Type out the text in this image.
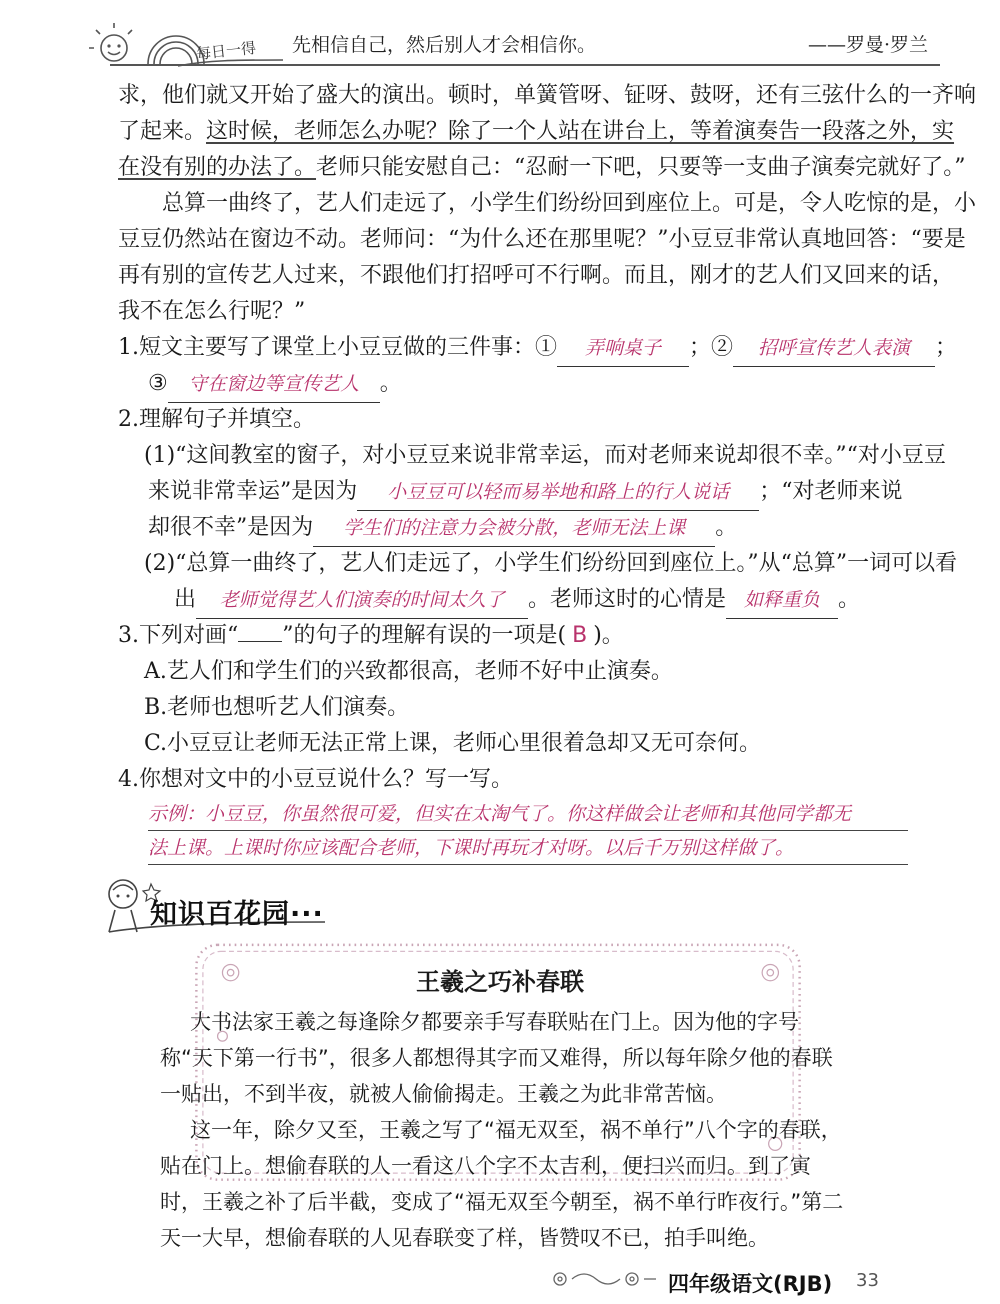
每日一得 先相信自己，然后别人才会相信你。	——罗曼·罗兰
求，他们就又开始了盛大的演出。顿时，单簧管呀、钲呀、鼓呀，还有三弦什么的一齐响
了起来。这时候，老师怎么办呢？除了一个人站在讲台上，等着演奏告一段落之外，实
在没有别的办法了。老师只能安慰自己：“忍耐一下吧，只要等一支曲子演奏完就好了。”
总算一曲终了，艺人们走远了，小学生们纷纷回到座位上。可是，令人吃惊的是，小
豆豆仍然站在窗边不动。老师问：“为什么还在那里呢？”小豆豆非常认真地回答：“要是
再有别的宣传艺人过来，不跟他们打招呼可不行啊。而且，刚才的艺人们又回来的话，
我不在怎么行呢？”
1.短文主要写了课堂上小豆豆做的三件事：① 弄响桌子 ；② 招呼宣传艺人表演 ；
③ 守在窗边等宣传艺人 。
2.理解句子并填空。
(1)“这间教室的窗子，对小豆豆来说非常幸运，而对老师来说却很不幸。”“对小豆豆
来说非常幸运”是因为 小豆豆可以轻而易举地和路上的行人说话 ；“对老师来说
却很不幸”是因为 学生们的注意力会被分散，老师无法上课 。
(2)“总算一曲终了，艺人们走远了，小学生们纷纷回到座位上。”从“总算”一词可以看
出 老师觉得艺人们演奏的时间太久了 。老师这时的心情是 如释重负 。
3.下列对画“ ”的句子的理解有误的一项是( B )。
A.艺人们和学生们的兴致都很高，老师不好中止演奏。
B.老师也想听艺人们演奏。
C.小豆豆让老师无法正常上课，老师心里很着急却又无可奈何。
4.你想对文中的小豆豆说什么？写一写。
示例：小豆豆，你虽然很可爱，但实在太淘气了。你这样做会让老师和其他同学都无
法上课。上课时你应该配合老师，下课时再玩才对呀。以后千万别这样做了。
知识百花园···
王羲之巧补春联
大书法家王羲之每逢除夕都要亲手写春联贴在门上。因为他的字号
称“天下第一行书”，很多人都想得其字而又难得，所以每年除夕他的春联
一贴出，不到半夜，就被人偷偷揭走。王羲之为此非常苦恼。
这一年，除夕又至，王羲之写了“福无双至，祸不单行”八个字的春联，
贴在门上。想偷春联的人一看这八个字不太吉利，便扫兴而归。到了寅
时，王羲之补了后半截，变成了“福无双至今朝至，祸不单行昨夜行。”第二
天一大早，想偷春联的人见春联变了样，皆赞叹不已，拍手叫绝。
四年级语文(RJB) 33
